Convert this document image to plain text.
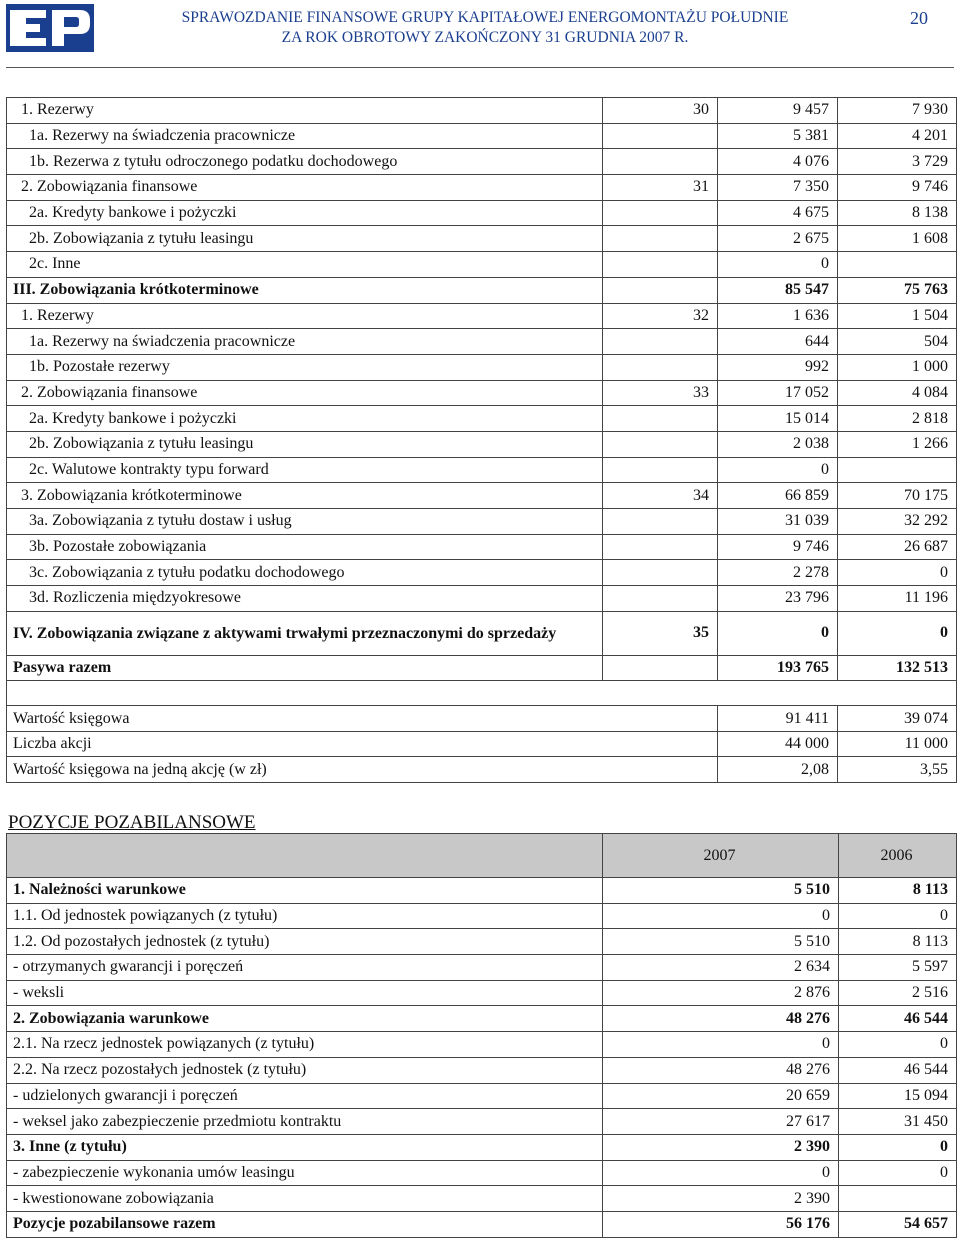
SPRAWOZDANIE FINANSOWE GRUPY KAPITAŁOWEJ ENERGOMONTAŻU POŁUDNIE
ZA ROK OBROTOWY ZAKOŃCZONY 31 GRUDNIA 2007 R.
20
1. Rezerwy	30	9 457	7 930
1a. Rezerwy na świadczenia pracownicze		5 381	4 201
1b. Rezerwa z tytułu odroczonego podatku dochodowego		4 076	3 729
2. Zobowiązania finansowe	31	7 350	9 746
2a. Kredyty bankowe i pożyczki		4 675	8 138
2b. Zobowiązania z tytułu leasingu		2 675	1 608
2c. Inne		0	
III. Zobowiązania krótkoterminowe		85 547	75 763
1. Rezerwy	32	1 636	1 504
1a. Rezerwy na świadczenia pracownicze		644	504
1b. Pozostałe rezerwy		992	1 000
2. Zobowiązania finansowe	33	17 052	4 084
2a. Kredyty bankowe i pożyczki		15 014	2 818
2b. Zobowiązania z tytułu leasingu		2 038	1 266
2c. Walutowe kontrakty typu forward		0	
3. Zobowiązania krótkoterminowe	34	66 859	70 175
3a. Zobowiązania z tytułu dostaw i usług		31 039	32 292
3b. Pozostałe zobowiązania		9 746	26 687
3c. Zobowiązania z tytułu podatku dochodowego		2 278	0
3d. Rozliczenia międzyokresowe		23 796	11 196
IV. Zobowiązania związane z aktywami trwałymi przeznaczonymi do sprzedaży	35	0	0
Pasywa razem		193 765	132 513

Wartość księgowa		91 411	39 074
Liczba akcji		44 000	11 000
Wartość księgowa na jedną akcję (w zł)		2,08	3,55
POZYCJE POZABILANSOWE
	2007	2006
1. Należności warunkowe	5 510	8 113
1.1. Od jednostek powiązanych (z tytułu)	0	0
1.2. Od pozostałych jednostek (z tytułu)	5 510	8 113
- otrzymanych gwarancji i poręczeń	2 634	5 597
- weksli	2 876	2 516
2. Zobowiązania warunkowe	48 276	46 544
2.1. Na rzecz jednostek powiązanych (z tytułu)	0	0
2.2. Na rzecz pozostałych jednostek (z tytułu)	48 276	46 544
- udzielonych gwarancji i poręczeń	20 659	15 094
- weksel jako zabezpieczenie przedmiotu kontraktu	27 617	31 450
3. Inne (z tytułu)	2 390	0
- zabezpieczenie wykonania umów leasingu	0	0
- kwestionowane zobowiązania	2 390	
Pozycje pozabilansowe razem	56 176	54 657
